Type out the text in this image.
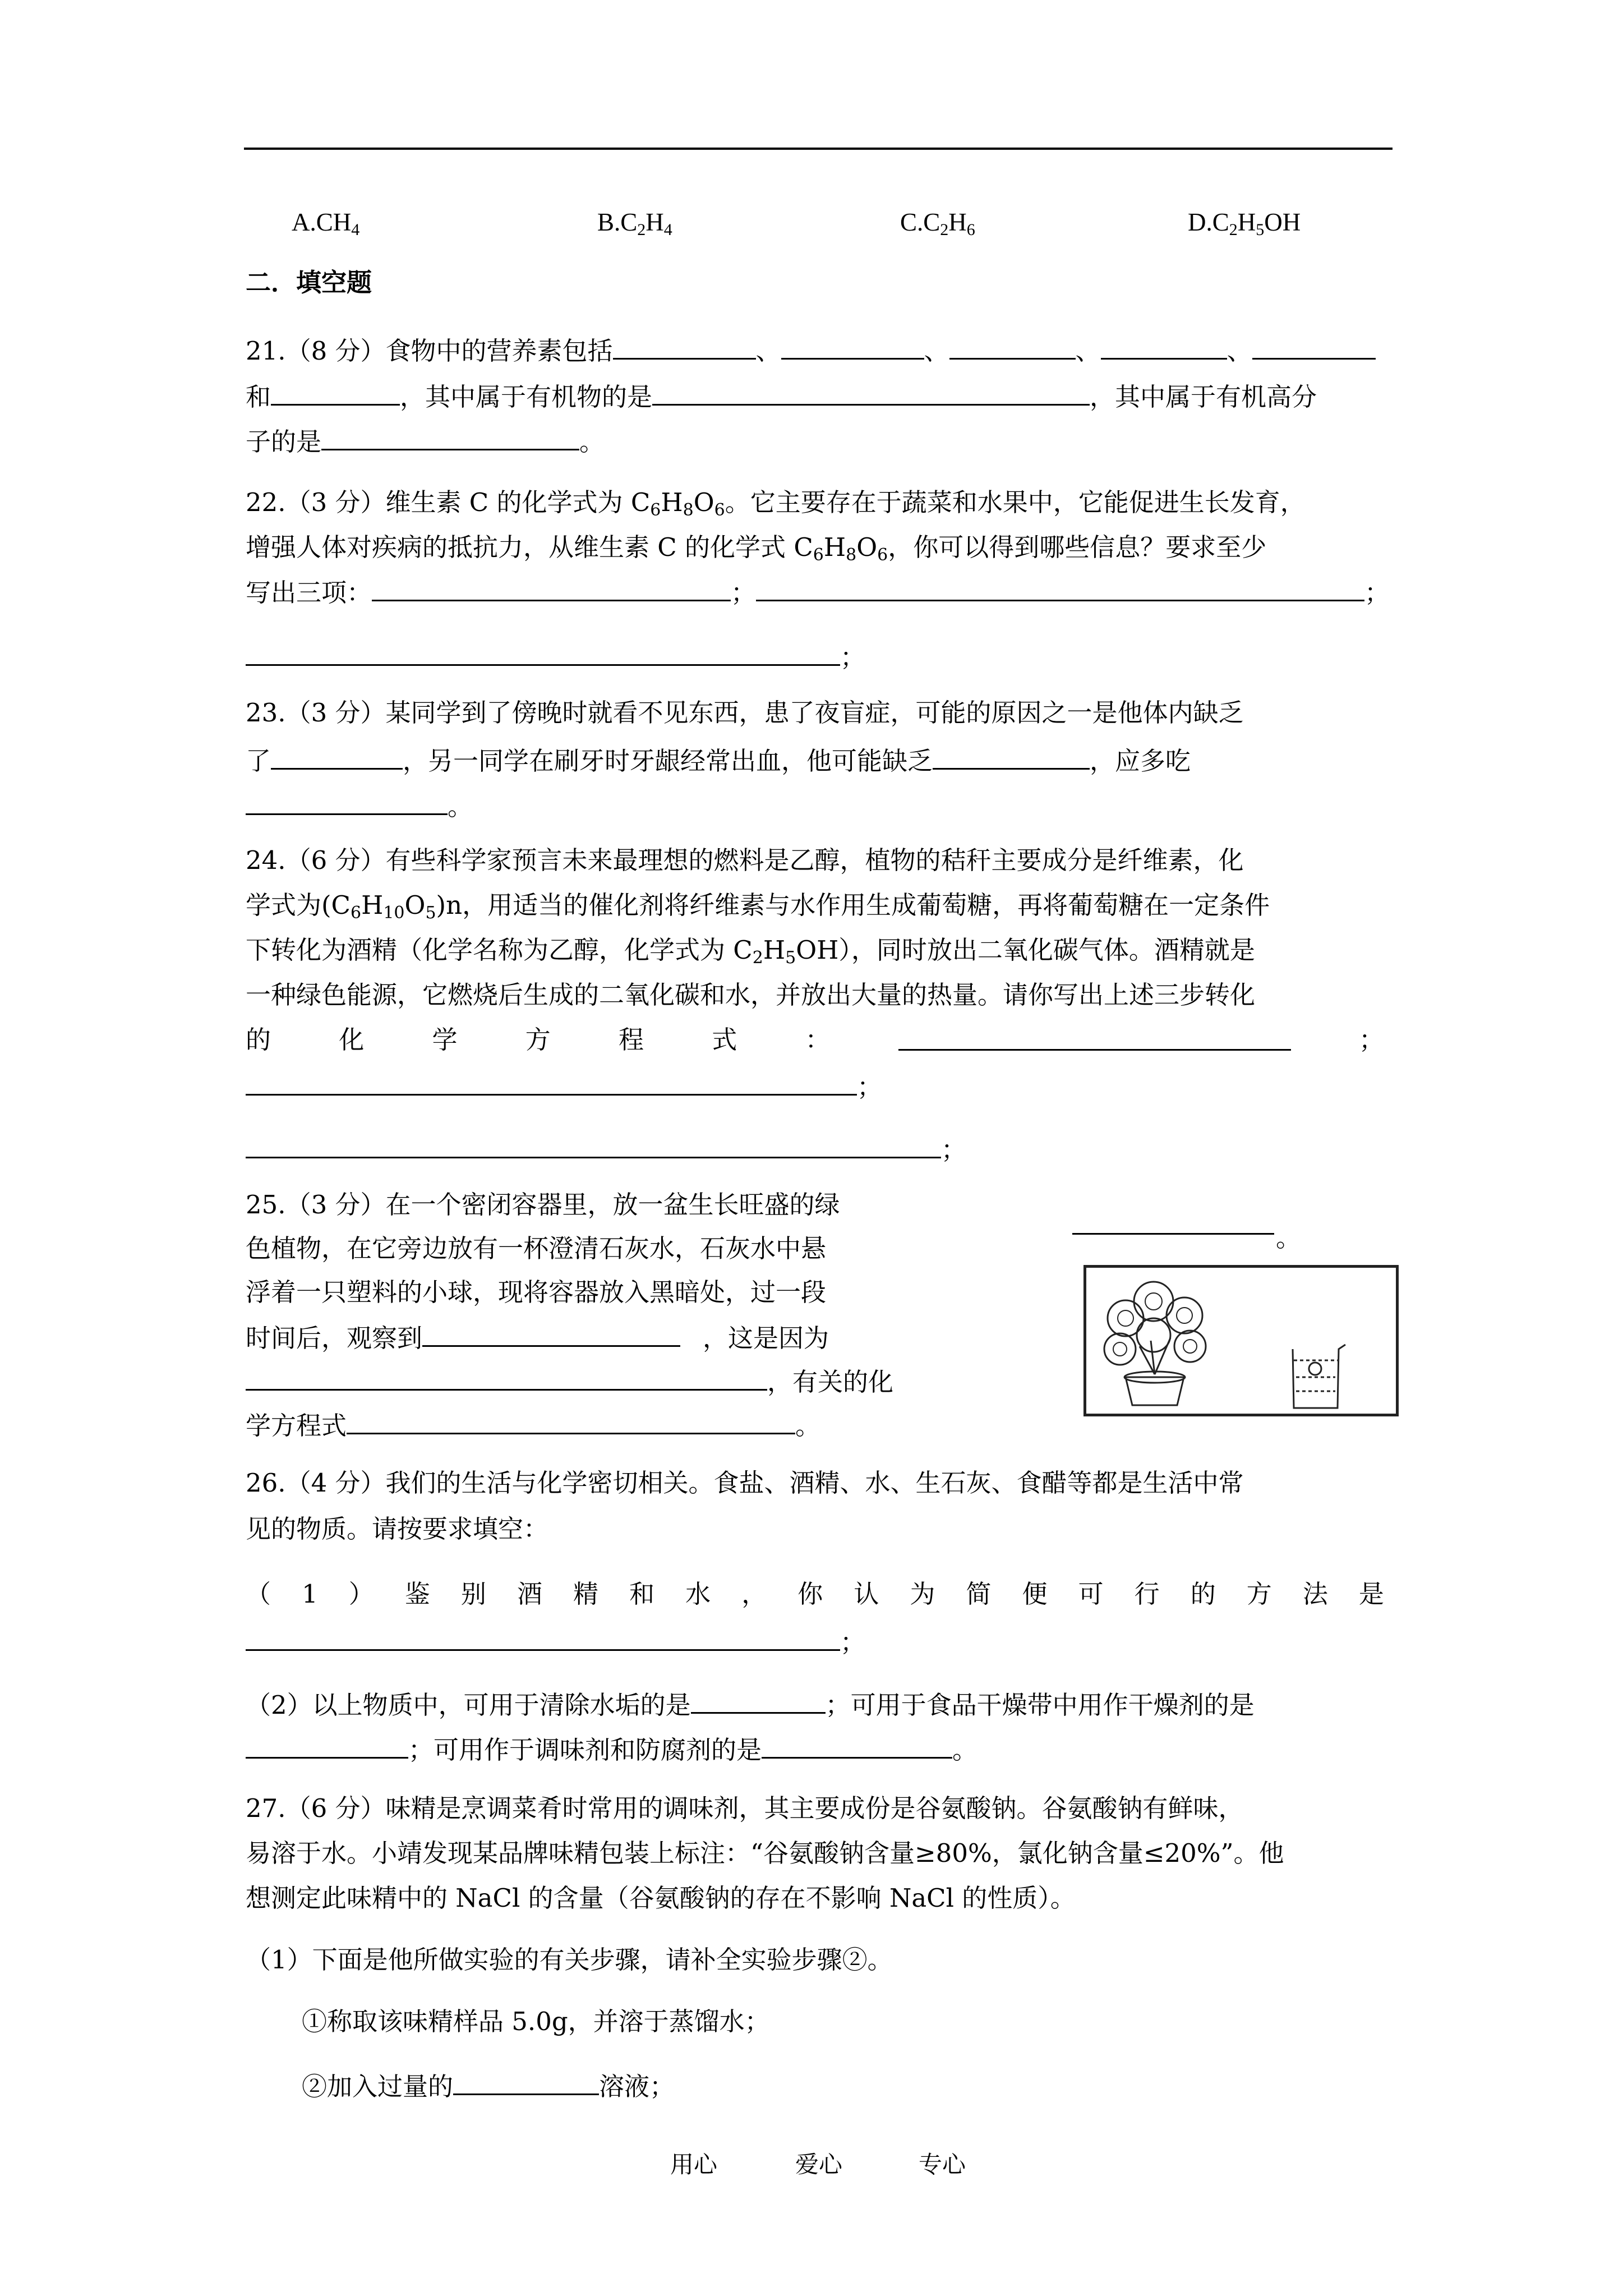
$A.CH_4$	$B.C_2H_4$	$C.C_2H_6$	$D.C_2H_5OH$
二．填空题
21.（8 分）食物中的营养素包括	、	、	、	、
和	，其中属于有机物的是	，其中属于有机高分
子的是	。
22.（3 分）维生素 C 的化学式为 $C_6H_8O_6$。它主要存在于蔬菜和水果中，它能促进生长发育，
增强人体对疾病的抵抗力，从维生素 C 的化学式 $C_6H_8O_6$，你可以得到哪些信息？要求至少
写出三项：	；	；
；
23.（3 分）某同学到了傍晚时就看不见东西，患了夜盲症，可能的原因之一是他体内缺乏
了	，另一同学在刷牙时牙龈经常出血，他可能缺乏	，应多吃
。
24.（6 分）有些科学家预言未来最理想的燃料是乙醇，植物的秸秆主要成分是纤维素，化
学式为$(C_6H_{10}O_5)n$，用适当的催化剂将纤维素与水作用生成葡萄糖，再将葡萄糖在一定条件
下转化为酒精（化学名称为乙醇，化学式为 $C_2H_5OH$），同时放出二氧化碳气体。酒精就是
一种绿色能源，它燃烧后生成的二氧化碳和水，并放出大量的热量。请你写出上述三步转化
的	化	学	方	程	式	：	；
；
；
25.（3 分）在一个密闭容器里，放一盆生长旺盛的绿
色植物，在它旁边放有一杯澄清石灰水，石灰水中悬
浮着一只塑料的小球，现将容器放入黑暗处，过一段
时间后，观察到	，这是因为
，有关的化
学方程式	。
。
26.（4 分）我们的生活与化学密切相关。食盐、酒精、水、生石灰、食醋等都是生活中常
见的物质。请按要求填空：
（ 1 ） 鉴 别 酒 精 和 水 ， 你 认 为 简 便 可 行 的 方 法 是
；
（2）以上物质中，可用于清除水垢的是	；可用于食品干燥带中用作干燥剂的是
；可用作于调味剂和防腐剂的是	。
27.（6 分）味精是烹调菜肴时常用的调味剂，其主要成份是谷氨酸钠。谷氨酸钠有鲜味，
易溶于水。小靖发现某品牌味精包装上标注：“谷氨酸钠含量≥80%，氯化钠含量≤20%”。他
想测定此味精中的 NaCl 的含量（谷氨酸钠的存在不影响 NaCl 的性质）。
（1）下面是他所做实验的有关步骤，请补全实验步骤②。
①称取该味精样品 5.0g，并溶于蒸馏水；
②加入过量的	溶液；
用心	爱心	专心
